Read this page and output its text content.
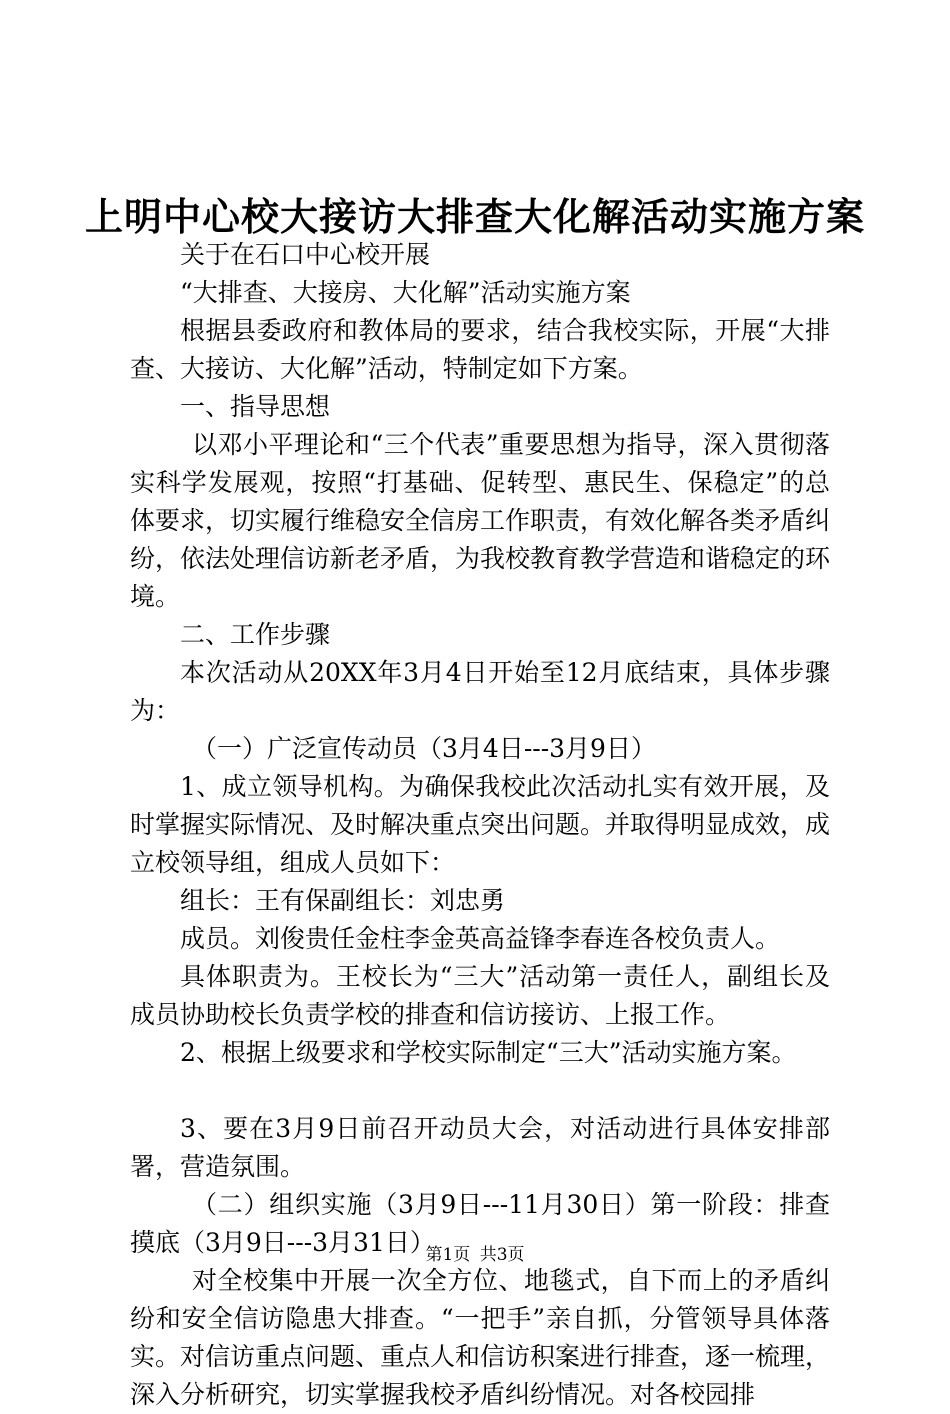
上明中心校大接访大排查大化解活动实施方案

关于在石口中心校开展

“大排查、大接房、大化解”活动实施方案

根据县委政府和教体局的要求，结合我校实际，开展“大排查、大接访、大化解”活动，特制定如下方案。

一、指导思想

以邓小平理论和“三个代表”重要思想为指导，深入贯彻落实科学发展观，按照“打基础、促转型、惠民生、保稳定”的总体要求，切实履行维稳安全信房工作职责，有效化解各类矛盾纠纷，依法处理信访新老矛盾，为我校教育教学营造和谐稳定的环境。

二、工作步骤

本次活动从20XX年3月4日开始至12月底结束，具体步骤为：

（一）广泛宣传动员（3月4日---3月9日）

1、成立领导机构。为确保我校此次活动扎实有效开展，及时掌握实际情况、及时解决重点突出问题。并取得明显成效，成立校领导组，组成人员如下：

组长：王有保副组长：刘忠勇

成员。刘俊贵任金柱李金英高益锋李春连各校负责人。

具体职责为。王校长为“三大”活动第一责任人，副组长及成员协助校长负责学校的排查和信访接访、上报工作。

2、根据上级要求和学校实际制定“三大”活动实施方案。

3、要在3月9日前召开动员大会，对活动进行具体安排部署，营造氛围。

（二）组织实施（3月9日---11月30日）第一阶段：排查摸底（3月9日---3月31日）

对全校集中开展一次全方位、地毯式，自下而上的矛盾纠纷和安全信访隐患大排查。“一把手”亲自抓，分管领导具体落实。对信访重点问题、重点人和信访积案进行排查，逐一梳理，深入分析研究，切实掌握我校矛盾纠纷情况。对各校园排

第1页 共3页
